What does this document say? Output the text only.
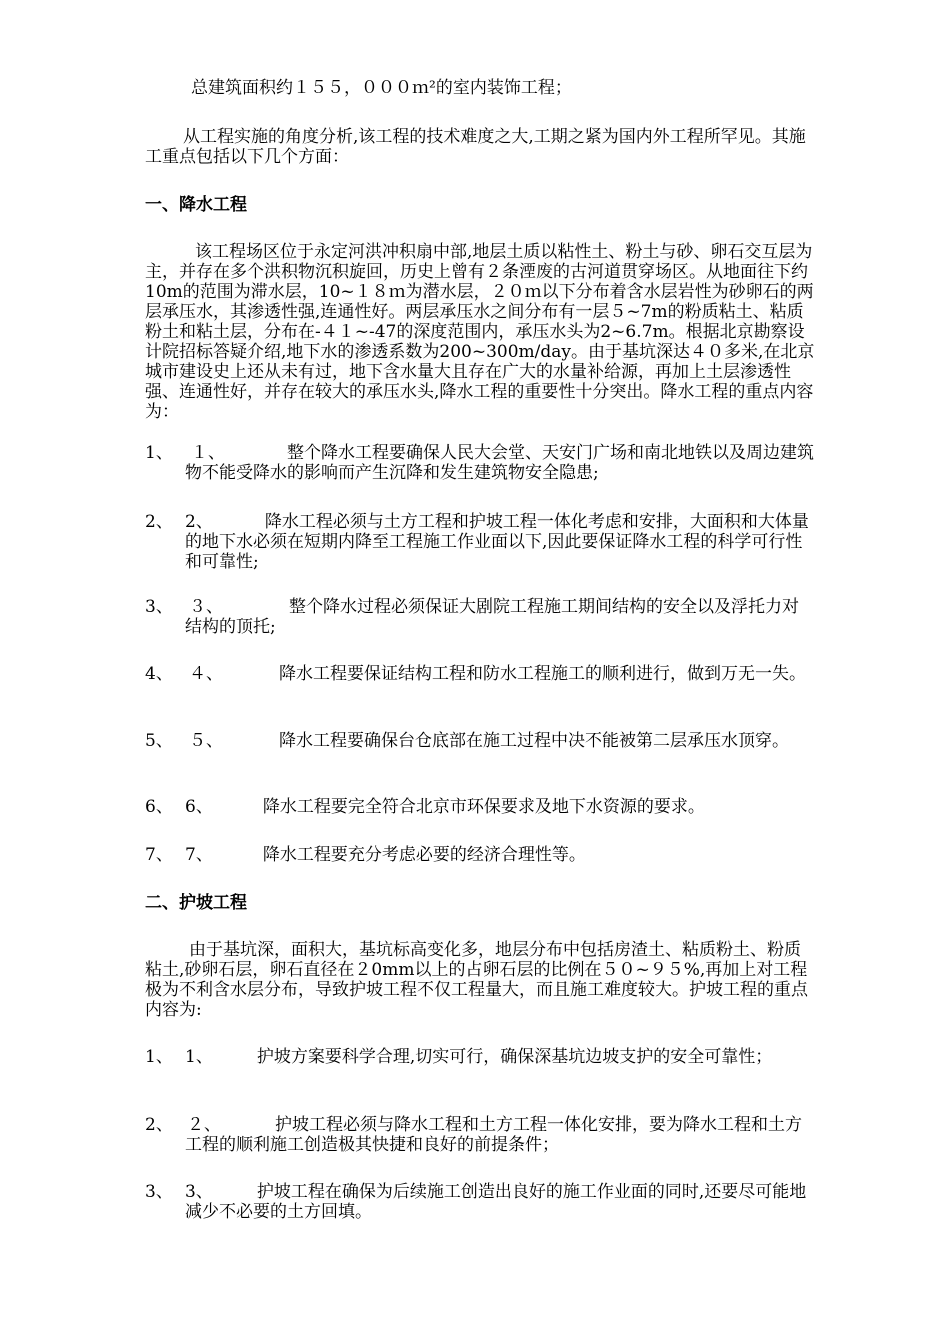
总建筑面积约１５５，０００ｍ²的室内装饰工程；

从工程实施的角度分析,该工程的技术难度之大,工期之紧为国内外工程所罕见。其施工重点包括以下几个方面：

一、降水工程

该工程场区位于永定河洪冲积扇中部,地层土质以粘性土、粉土与砂、卵石交互层为主，并存在多个洪积物沉积旋回，历史上曾有２条湮废的古河道贯穿场区。从地面往下约10m的范围为滞水层，10~１８ｍ为潜水层，２０ｍ以下分布着含水层岩性为砂卵石的两层承压水，其渗透性强,连通性好。两层承压水之间分布有一层５~7m的粉质粘土、粘质粉土和粘土层，分布在-４１~-47的深度范围内，承压水头为2~6.7m。根据北京勘察设计院招标答疑介绍,地下水的渗透系数为200~300m/day。由于基坑深达４０多米,在北京城市建设史上还从未有过，地下含水量大且存在广大的水量补给源，再加上土层渗透性强、连通性好，并存在较大的承压水头,降水工程的重要性十分突出。降水工程的重点内容为：

1、	１、	整个降水工程要确保人民大会堂、天安门广场和南北地铁以及周边建筑物不能受降水的影响而产生沉降和发生建筑物安全隐患;
2、 2、	降水工程必须与土方工程和护坡工程一体化考虑和安排，大面积和大体量的地下水必须在短期内降至工程施工作业面以下,因此要保证降水工程的科学可行性和可靠性;
3、 ３、	整个降水过程必须保证大剧院工程施工期间结构的安全以及浮托力对结构的顶托;
4、 ４、	降水工程要保证结构工程和防水工程施工的顺利进行，做到万无一失。
5、 ５、	降水工程要确保台仓底部在施工过程中决不能被第二层承压水顶穿。
6、 6、	降水工程要完全符合北京市环保要求及地下水资源的要求。
7、 7、	降水工程要充分考虑必要的经济合理性等。
二、护坡工程

由于基坑深，面积大，基坑标高变化多，地层分布中包括房渣土、粘质粉土、粉质粘土,砂卵石层，卵石直径在２0mm以上的占卵石层的比例在５０~９５%,再加上对工程极为不利含水层分布，导致护坡工程不仅工程量大，而且施工难度较大。护坡工程的重点内容为:

1、 1、	护坡方案要科学合理,切实可行，确保深基坑边坡支护的安全可靠性；
2、 ２、	护坡工程必须与降水工程和土方工程一体化安排，要为降水工程和土方工程的顺利施工创造极其快捷和良好的前提条件；
3、 3、	护坡工程在确保为后续施工创造出良好的施工作业面的同时,还要尽可能地减少不必要的土方回填。
